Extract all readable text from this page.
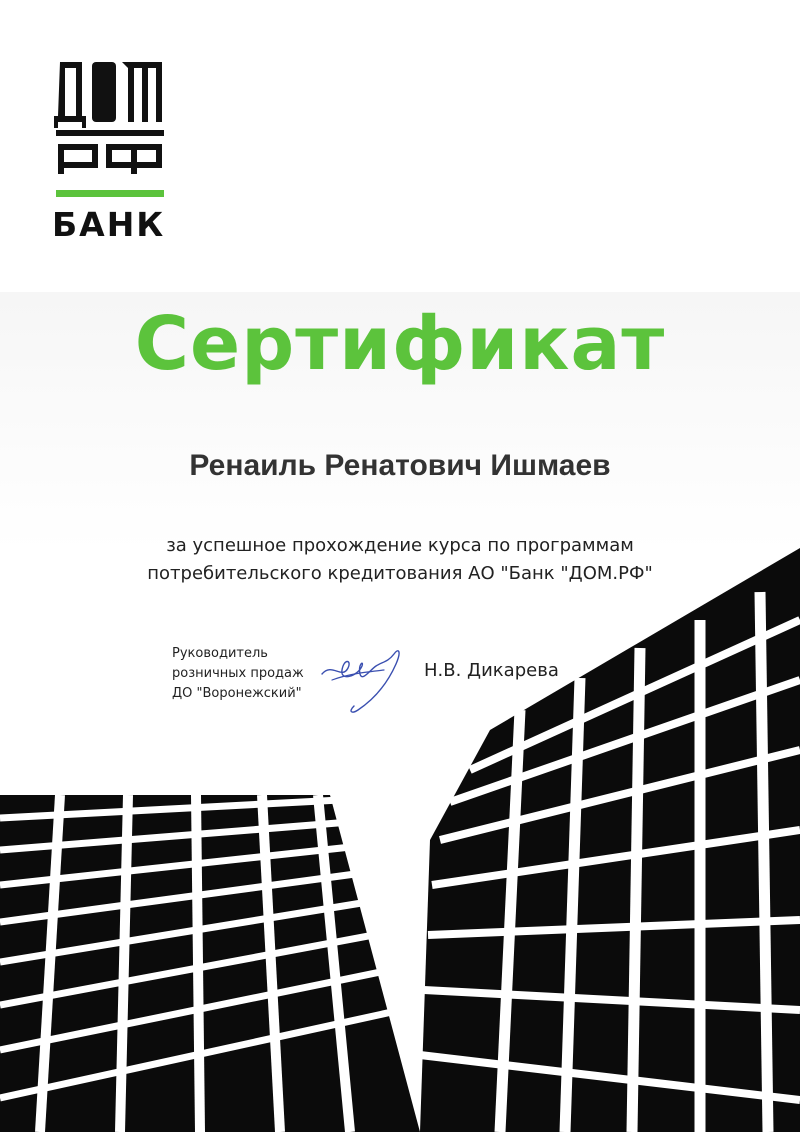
БАНК
Сертификат
Ренаиль Ренатович Ишмаев
за успешное прохождение курса по программам
потребительского кредитования АО "Банк "ДОМ.РФ"
Руководитель
розничных продаж
ДО "Воронежский"
Н.В. Дикарева
